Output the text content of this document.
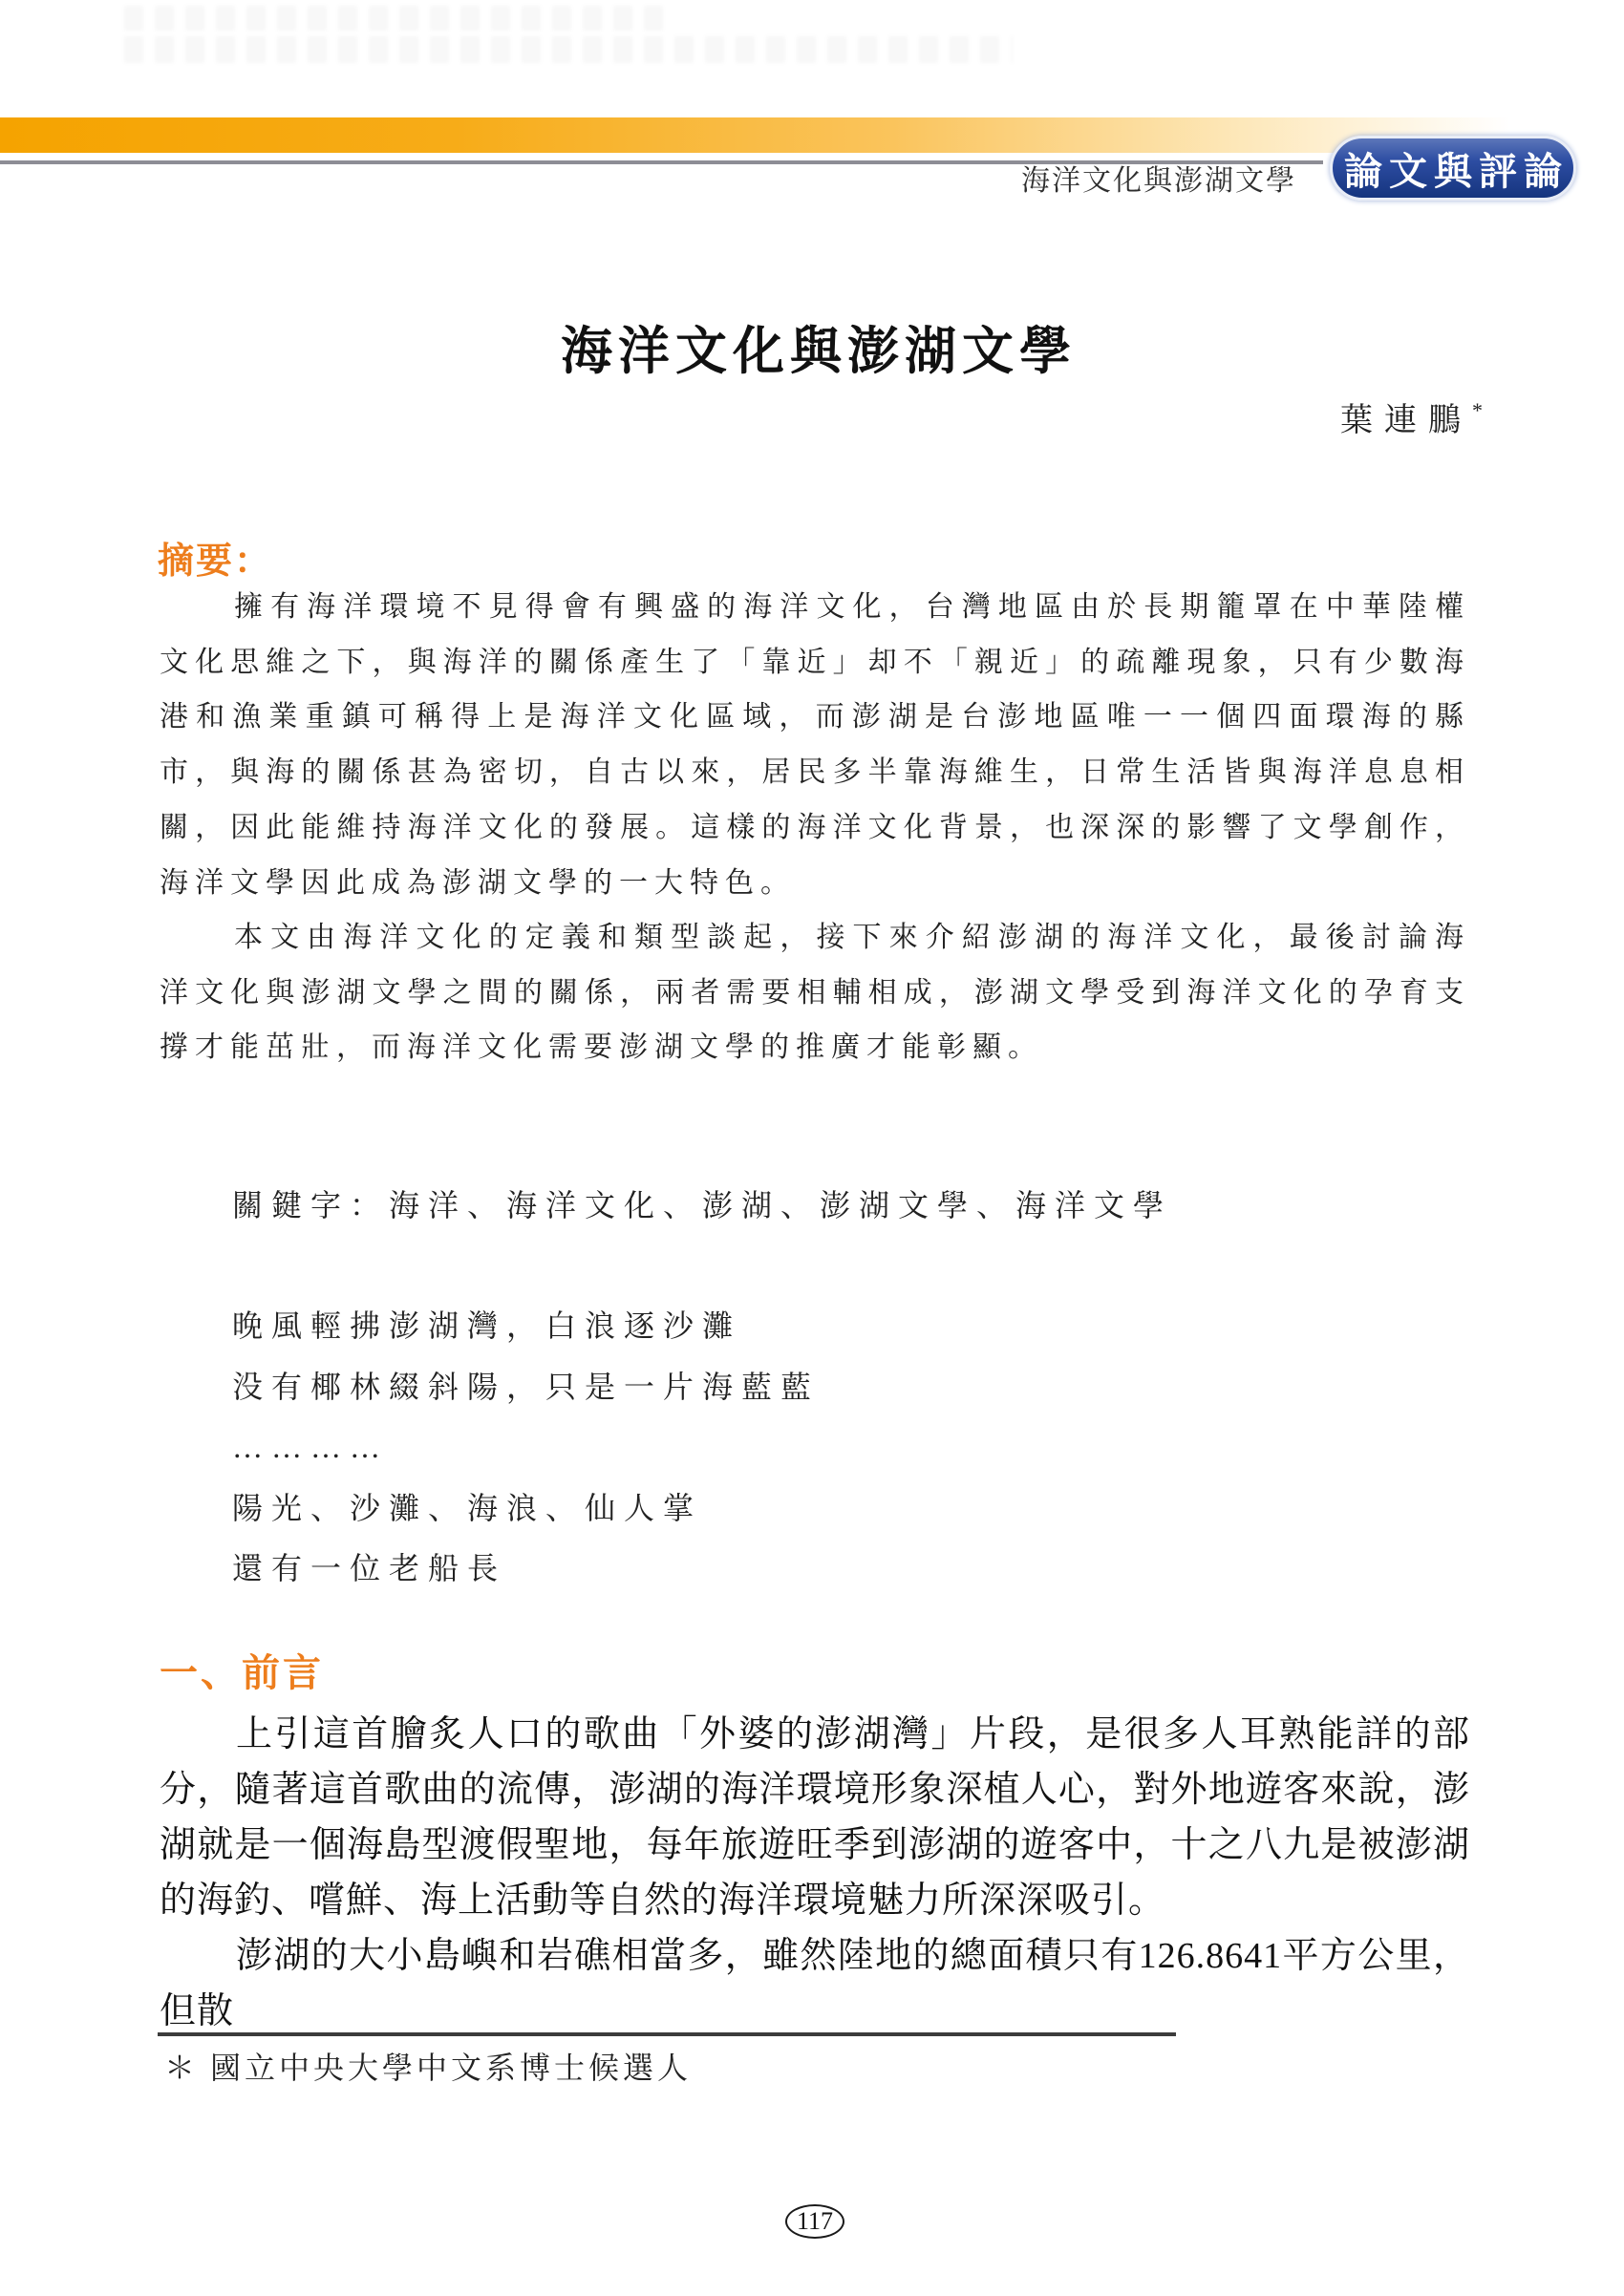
海洋文化與澎湖文學 論文與評論
海洋文化與澎湖文學
葉連鵬*
摘要：
擁有海洋環境不見得會有興盛的海洋文化，台灣地區由於長期籠罩在中華陸權文化思維之下，與海洋的關係產生了「靠近」却不「親近」的疏離現象，只有少數海港和漁業重鎮可稱得上是海洋文化區域，而澎湖是台澎地區唯一一個四面環海的縣市，與海的關係甚為密切，自古以來，居民多半靠海維生，日常生活皆與海洋息息相關，因此能維持海洋文化的發展。這樣的海洋文化背景，也深深的影響了文學創作，海洋文學因此成為澎湖文學的一大特色。
本文由海洋文化的定義和類型談起，接下來介紹澎湖的海洋文化，最後討論海洋文化與澎湖文學之間的關係，兩者需要相輔相成，澎湖文學受到海洋文化的孕育支撐才能茁壯，而海洋文化需要澎湖文學的推廣才能彰顯。
關鍵字：海洋、海洋文化、澎湖、澎湖文學、海洋文學
晚風輕拂澎湖灣，白浪逐沙灘
没有椰林綴斜陽，只是一片海藍藍
…………
陽光、沙灘、海浪、仙人掌
還有一位老船長
一、前言

上引這首膾炙人口的歌曲「外婆的澎湖灣」片段，是很多人耳熟能詳的部分，隨著這首歌曲的流傳，澎湖的海洋環境形象深植人心，對外地遊客來說，澎湖就是一個海島型渡假聖地，每年旅遊旺季到澎湖的遊客中，十之八九是被澎湖的海釣、嚐鮮、海上活動等自然的海洋環境魅力所深深吸引。

澎湖的大小島嶼和岩礁相當多，雖然陸地的總面積只有126.8641平方公里，但散

＊ 國立中央大學中文系博士候選人
117
